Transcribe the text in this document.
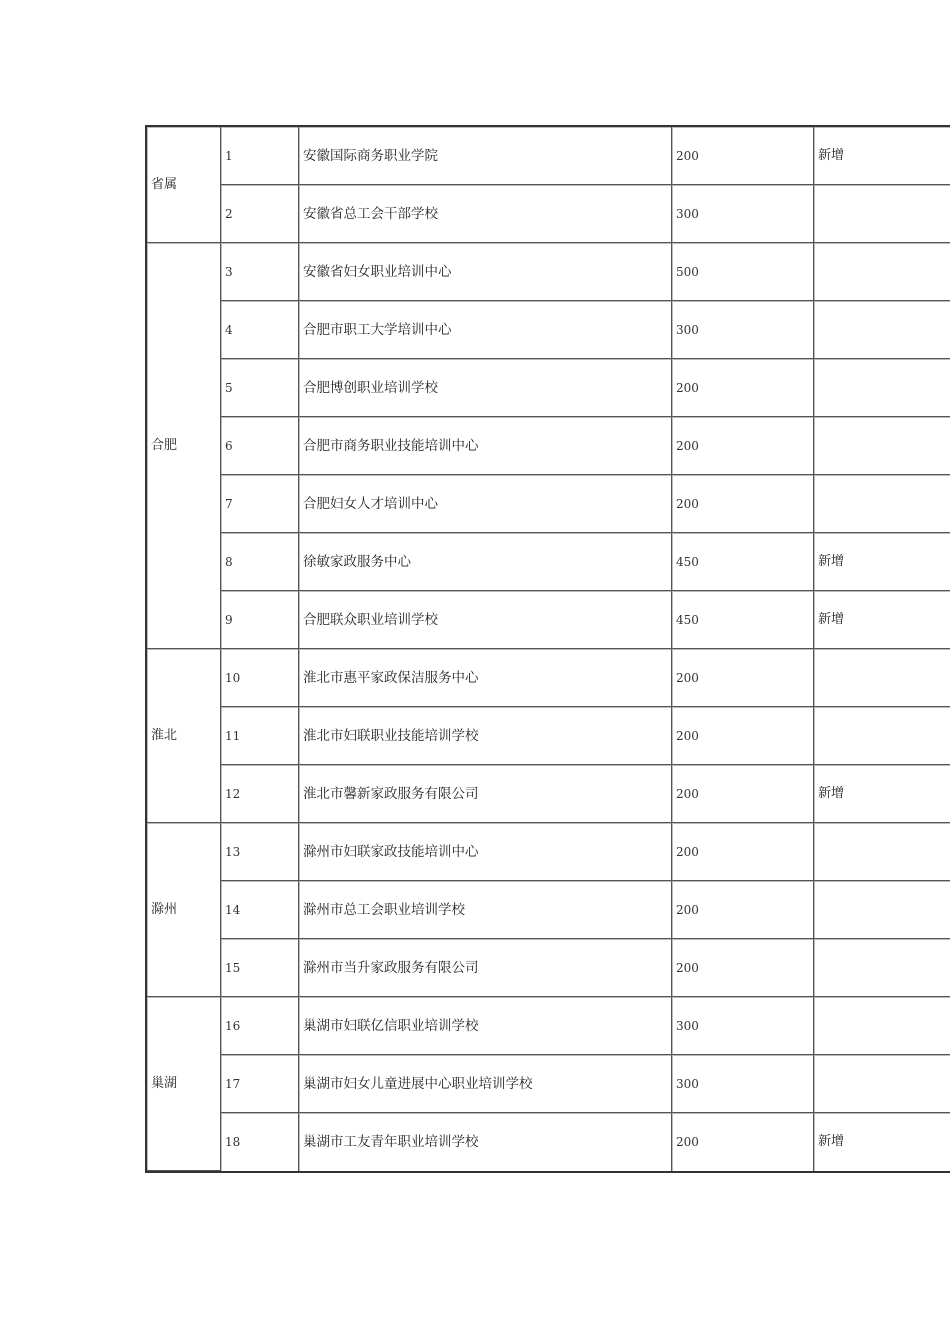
省属	1	安徽国际商务职业学院	200	新增
	2	安徽省总工会干部学校	300	
合肥	3	安徽省妇女职业培训中心	500	
	4	合肥市职工大学培训中心	300	
	5	合肥博创职业培训学校	200	
	6	合肥市商务职业技能培训中心	200	
	7	合肥妇女人才培训中心	200	
	8	徐敏家政服务中心	450	新增
	9	合肥联众职业培训学校	450	新增
淮北	10	淮北市惠平家政保洁服务中心	200	
	11	淮北市妇联职业技能培训学校	200	
	12	淮北市馨新家政服务有限公司	200	新增
滁州	13	滁州市妇联家政技能培训中心	200	
	14	滁州市总工会职业培训学校	200	
	15	滁州市当升家政服务有限公司	200	
巢湖	16	巢湖市妇联亿信职业培训学校	300	
	17	巢湖市妇女儿童进展中心职业培训学校	300	
	18	巢湖市工友青年职业培训学校	200	新增
